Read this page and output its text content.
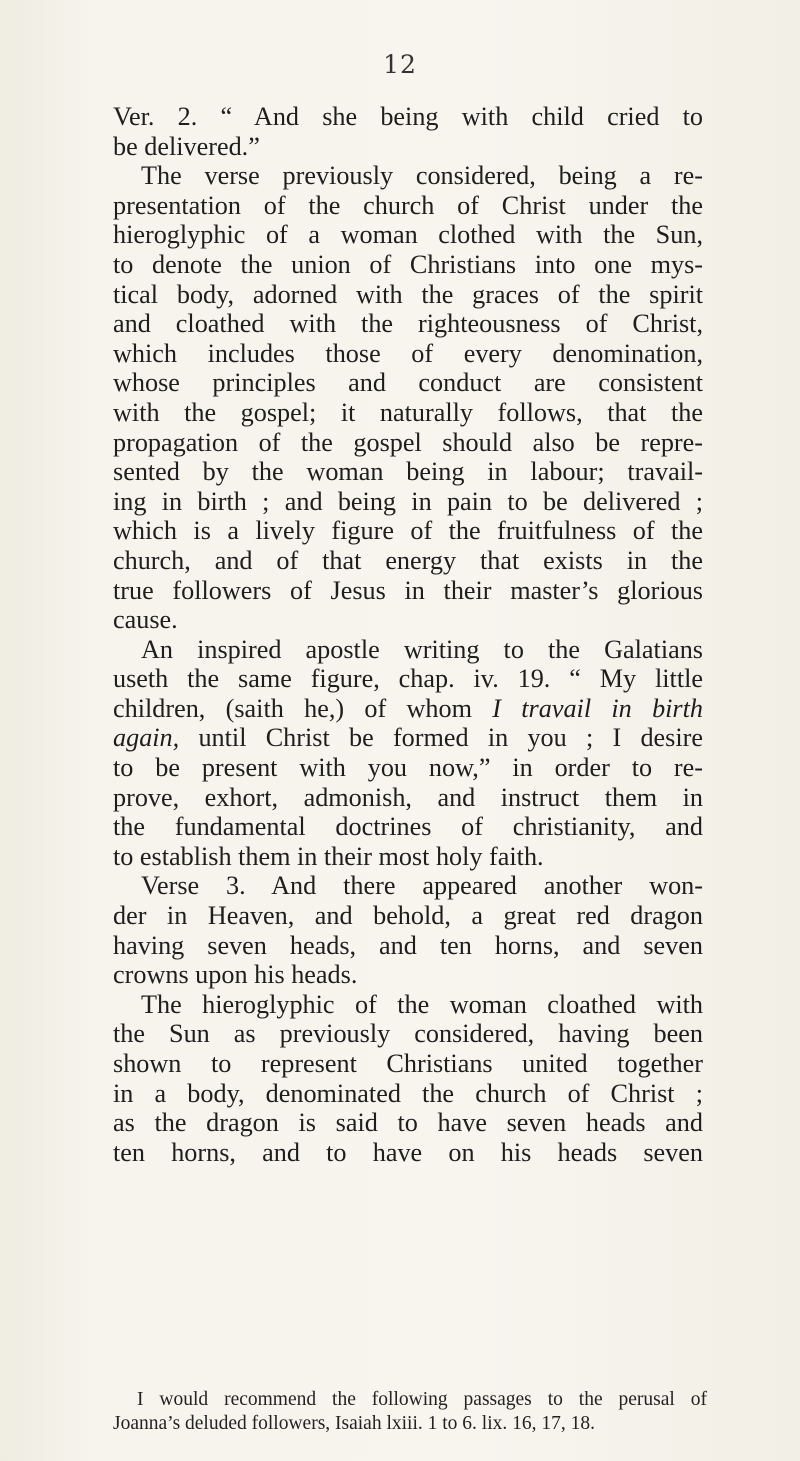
12
Ver. 2. “ And she being with child cried to
be delivered.”
The verse previously considered, being a re-
presentation of the church of Christ under the
hieroglyphic of a woman clothed with the Sun,
to denote the union of Christians into one mys-
tical body, adorned with the graces of the spirit
and cloathed with the righteousness of Christ,
which includes those of every denomination,
whose principles and conduct are consistent
with the gospel; it naturally follows, that the
propagation of the gospel should also be repre-
sented by the woman being in labour; travail-
ing in birth ; and being in pain to be delivered ;
which is a lively figure of the fruitfulness of the
church, and of that energy that exists in the
true followers of Jesus in their master’s glorious
cause.
An inspired apostle writing to the Galatians
useth the same figure, chap. iv. 19. “ My little
children, (saith he,) of whom I travail in birth
again, until Christ be formed in you ; I desire
to be present with you now,” in order to re-
prove, exhort, admonish, and instruct them in
the fundamental doctrines of christianity, and
to establish them in their most holy faith.
Verse 3. And there appeared another won-
der in Heaven, and behold, a great red dragon
having seven heads, and ten horns, and seven
crowns upon his heads.
The hieroglyphic of the woman cloathed with
the Sun as previously considered, having been
shown to represent Christians united together
in a body, denominated the church of Christ ;
as the dragon is said to have seven heads and
ten horns, and to have on his heads seven
I would recommend the following passages to the perusal of
Joanna’s deluded followers, Isaiah lxiii. 1 to 6. lix. 16, 17, 18.
